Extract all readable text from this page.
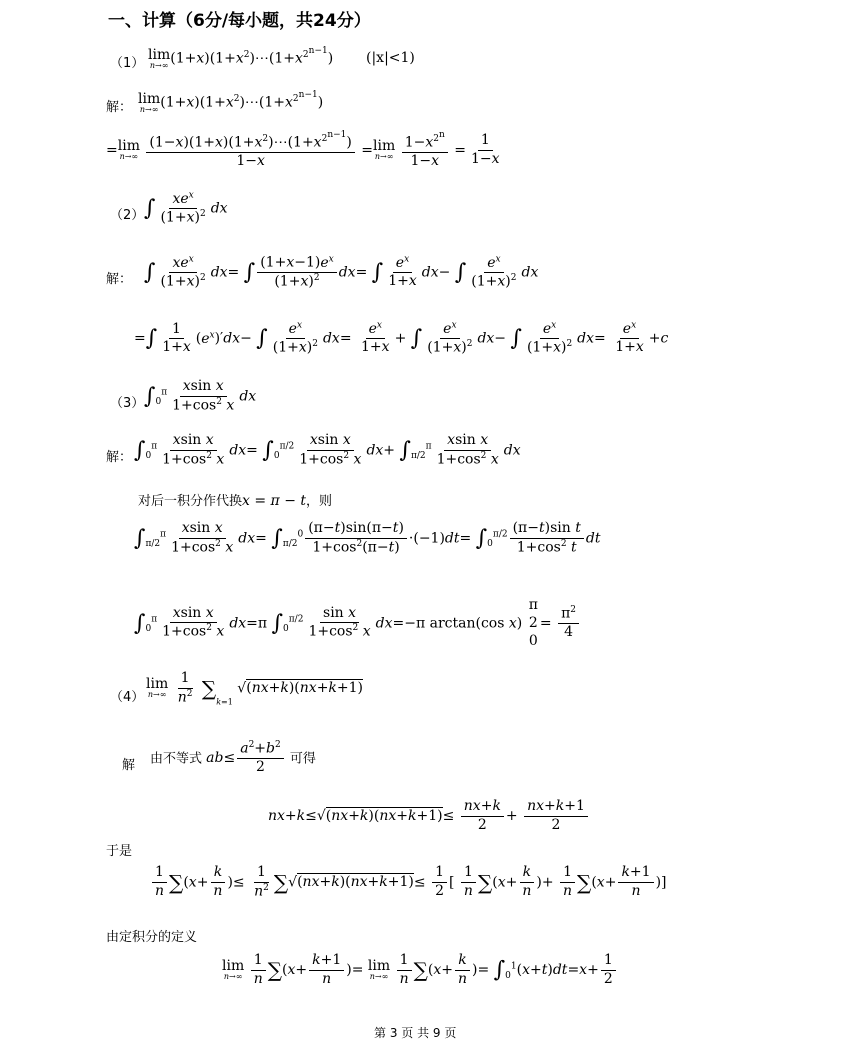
一、计算（6分/每小题，共24分）
（1）
lim
n→∞ $(1+x)(1+x^2)\cdots(1+x^{2^{n-1}})$ (|x|<1)
解：
lim
n→∞ $(1+x)(1+x^2)\cdots(1+x^{2^{n-1}})$
=lim
n→∞
$\frac{(1-x)(1+x)(1+x^2)\cdots(1+x^{2^{n-1}})}{1-x} =\lim$
n→∞
$\frac{1-x^{2^n}}{1-x} = \frac{1}{1-x}$
（2） ∫ $\frac{xe^x}{(1+x)^2}$ dx
解： ∫ $\frac{xe^x}{(1+x)^2} dx=$ ∫ $\frac{(1+x-1)e^x}{(1+x)^2} dx=$ ∫ $\frac{e^x}{1+x} dx-$ ∫ $\frac{e^x}{(1+x)^2}$ dx
=∫ $\frac{1}{1+x} (e^x)'dx-$ ∫ $\frac{e^x}{(1+x)^2} dx= \frac{e^x}{1+x}$ + ∫ $\frac{e^x}{(1+x)^2} dx-$ ∫ $\frac{e^x}{(1+x)^2} dx= \frac{e^x}{1+x} +c$
（3） $\int_0^\pi \frac{\text{xsin x}}{1+\cos^2 x}$ dx
解： $\int_0^\pi \frac{\text{xsin x}}{1+\cos^2 x} dx= \int_0^{\pi/2} \frac{\text{xsin x}}{1+\cos^2 x} dx+ \int_{\pi/2}^\pi \frac{\text{xsin x}}{1+\cos^2 x}$ dx
对后一积分作代换x = π − t，则
$\int_{\pi/2}^\pi \frac{\text{xsin x}}{1+\cos^2 x} dx= \int_{\pi/2}^0 \frac{(\pi-t)\sin(\pi-t)}{1+\cos^2(\pi-t)} \cdot(-1)dt= \int_0^{\pi/2} \frac{\text{(π−t)sin t}}{1+\cos^2 t}$ dt
$\int_0^\pi \frac{\text{xsin x}}{1+\cos^2 x} dx=\pi$ $\int_0^{\pi/2} \frac{\text{sin x}}{1+\cos^2 x} dx=-\pi$ arctan(cos x)
π
2
0
= $\frac{\pi^2}{4}$
（4）
lim
n→∞
$\frac{1}{n^2} \sum k=1$ √(nx+k)(nx+k+1)
解 由不等式 $ab\le \frac{a^2+b^2}{2}$ 可得
$nx+k\le√(nx+k)(nx+k+1)\le \frac{nx+k}{2} + \frac{nx+k+1}{2}$
于是
$\frac{1}{n} \sum(x+ \frac{k}{n}$ )≤ $\frac{1}{n^2} \sum√(nx+k)(nx+k+1)\le \frac{1}{2}$ [ $\frac{1}{n} \sum(x+ \frac{k}{n}$ )+ $\frac{1}{n} \sum(x+ \frac{k+1}{n}$ )]
由定积分的定义
lim
n→∞
$\frac{1}{n} \sum(x+ \frac{k+1}{n}$ )= lim
n→∞
$\frac{1}{n} \sum(x+ \frac{k}{n}$ )= $\int_0^1(x+t)dt=x+ \frac{1}{2}$
第 3 页 共 9 页
